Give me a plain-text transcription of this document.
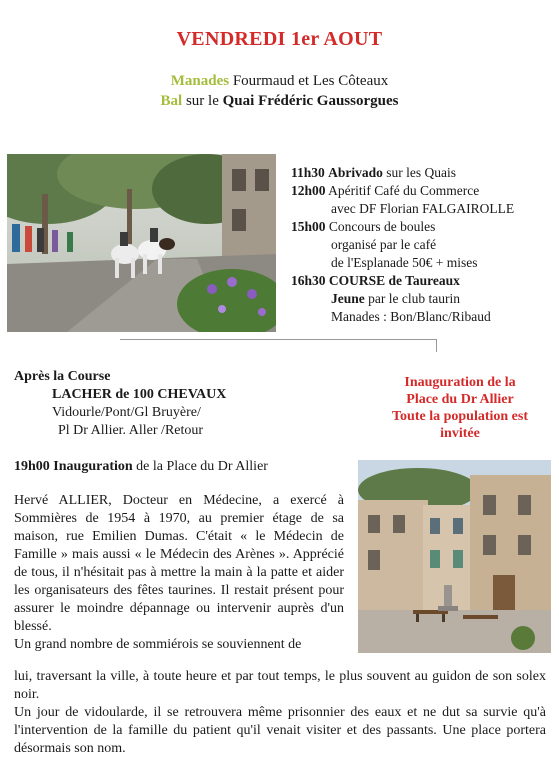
VENDREDI 1er AOUT
Manades Fourmaud et Les Côteaux
Bal sur le Quai Frédéric Gaussorgues
11h30 Abrivado sur les Quais
12h00 Apéritif Café du Commerce
avec DF Florian FALGAIROLLE
15h00 Concours de boules
organisé par le café
de l'Esplanade 50€ + mises
16h30 COURSE de Taureaux
Jeune par le club taurin
Manades : Bon/Blanc/Ribaud
Après la Course
LACHER de 100 CHEVAUX
Vidourle/Pont/Gl Bruyère/
Pl Dr Allier. Aller /Retour
Inauguration de la
Place du Dr Allier
Toute la population est
invitée
19h00 Inauguration de la Place du Dr Allier
Hervé ALLIER, Docteur en Médecine, a exercé à Sommières de 1954 à 1970, au premier étage de sa maison, rue Emilien Dumas. C'était « le Médecin de Famille » mais aussi « le Médecin des Arènes ». Apprécié de tous, il n'hésitait pas à mettre la main à la patte et aider les organisateurs des fêtes taurines. Il restait présent pour assurer le moindre dépannage ou intervenir auprès d'un blessé.
Un grand nombre de sommiérois se souviennent de
lui, traversant la ville, à toute heure et par tout temps, le plus souvent au guidon de son solex noir.
Un jour de vidoularde, il se retrouvera même prisonnier des eaux et ne dut sa survie qu'à l'intervention de la famille du patient qu'il venait visiter et des passants. Une place portera désormais son nom.
